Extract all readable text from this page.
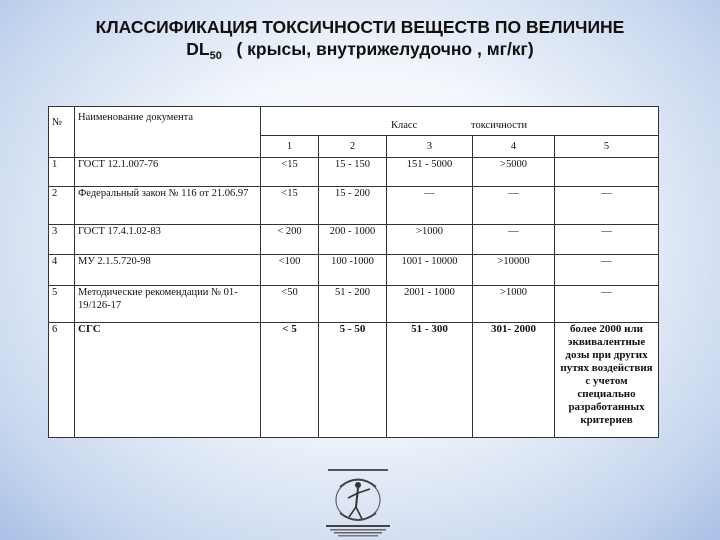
КЛАССИФИКАЦИЯ ТОКСИЧНОСТИ ВЕЩЕСТВ ПО ВЕЛИЧИНЕ
$DL_{50}$ ( крысы, внутрижелудочно , мг/кг)
№	Наименование документа	Класс токсичности				

		1	2	3	4	5
1	ГОСТ 12.1.007-76	<15	15 - 150	151 - 5000	>5000	
2	Федеральный закон № 116 от 21.06.97	<15	15 - 200	—	—	—
3	ГОСТ 17.4.1.02-83	< 200	200 - 1000	>1000	—	—
4	МУ 2.1.5.720-98	<100	100 -1000	1001 - 10000	>10000	—
5	Методические рекомендации № 01-19/126-17	<50	51 - 200	2001 - 1000	>1000	—
6	СГС	< 5	5 - 50	51 - 300	301- 2000	более 2000 или эквивалентные дозы при других путях воздействия с учетом специально разработанных критериев
